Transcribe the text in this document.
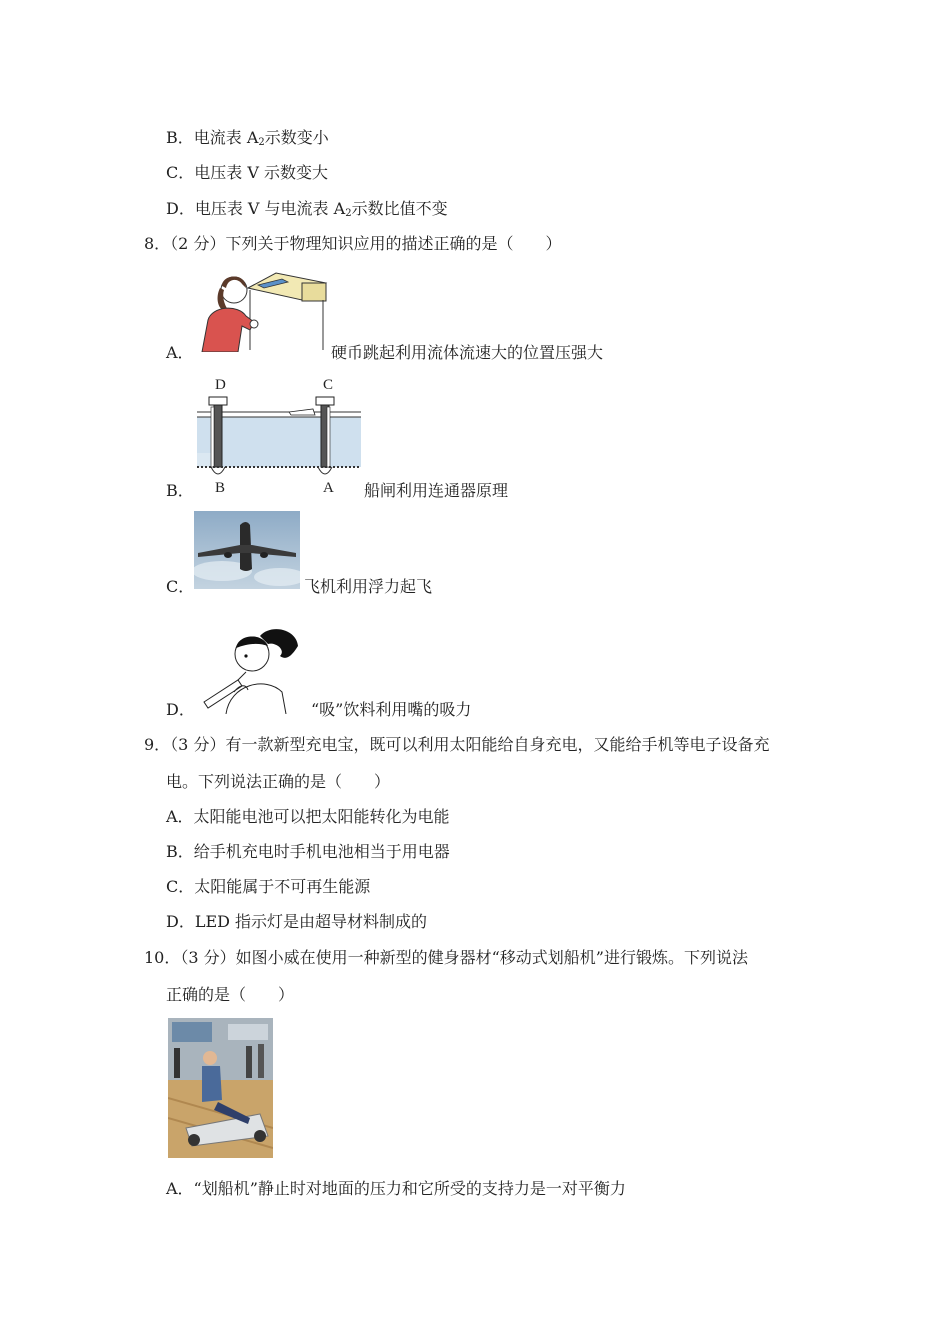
B．电流表 $A_2$示数变小
C．电压表 V 示数变大
D．电压表 V 与电流表 $A_2$示数比值不变
8．（2 分）下列关于物理知识应用的描述正确的是（　　）
A．	硬币跳起利用流体流速大的位置压强大
D	C
B	A
B．	船闸利用连通器原理
C．	飞机利用浮力起飞
D．	“吸”饮料利用嘴的吸力
9．（3 分）有一款新型充电宝，既可以利用太阳能给自身充电，又能给手机等电子设备充
电。下列说法正确的是（　　）
A．太阳能电池可以把太阳能转化为电能
B．给手机充电时手机电池相当于用电器
C．太阳能属于不可再生能源
D．LED 指示灯是由超导材料制成的
10．（3 分）如图小威在使用一种新型的健身器材“移动式划船机”进行锻炼。下列说法
正确的是（　　）
A．“划船机”静止时对地面的压力和它所受的支持力是一对平衡力
